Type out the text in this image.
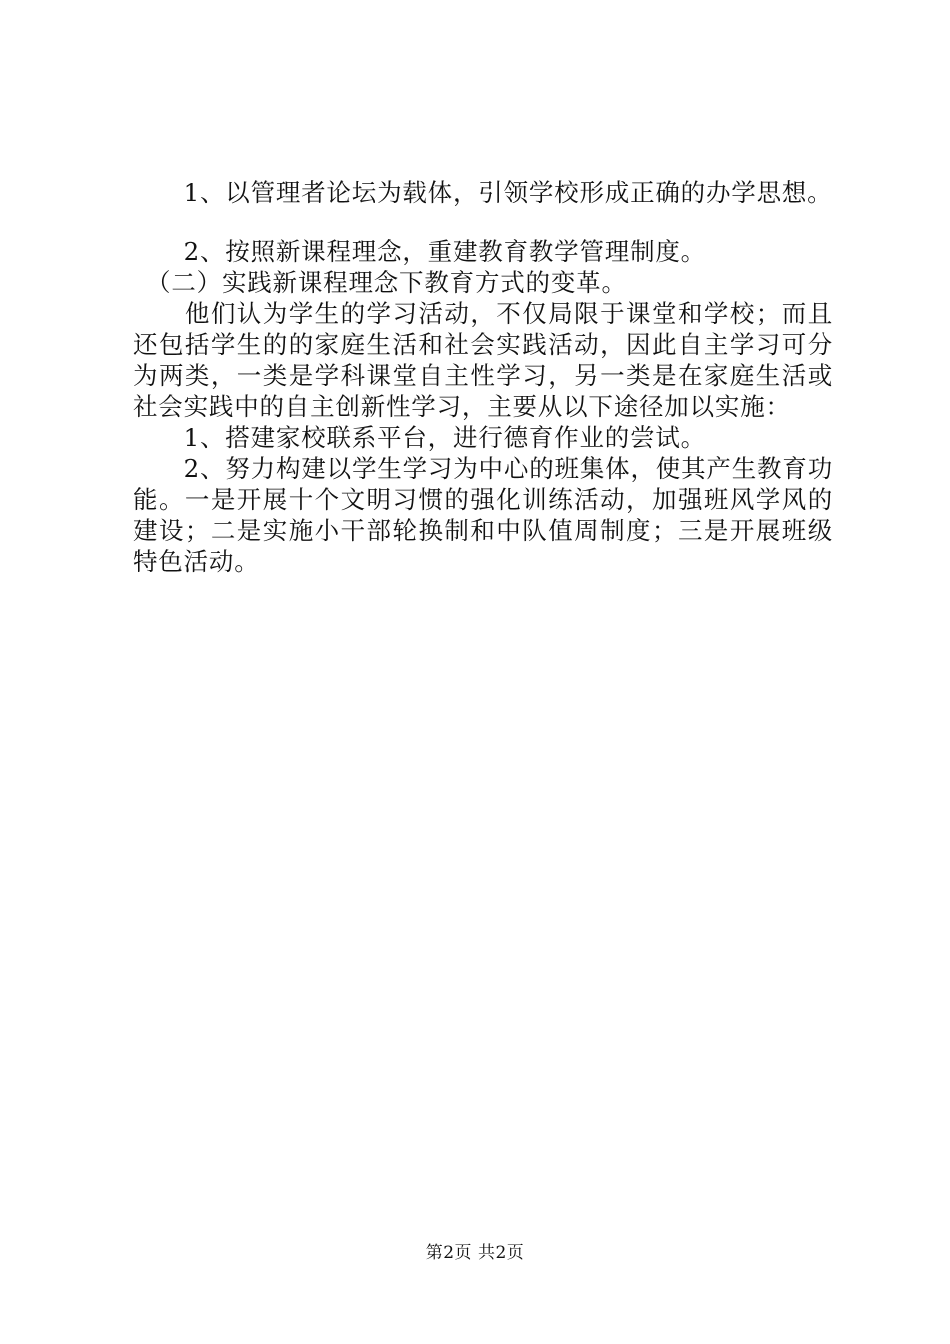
　　1、以管理者论坛为载体，引领学校形成正确的办学思想。
　　2、按照新课程理念，重建教育教学管理制度。
　（二）实践新课程理念下教育方式的变革。
　　他们认为学生的学习活动，不仅局限于课堂和学校；而且
还包括学生的的家庭生活和社会实践活动，因此自主学习可分
为两类，一类是学科课堂自主性学习，另一类是在家庭生活或
社会实践中的自主创新性学习，主要从以下途径加以实施：
　　1、搭建家校联系平台，进行德育作业的尝试。
　　2、努力构建以学生学习为中心的班集体，使其产生教育功
能。一是开展十个文明习惯的强化训练活动，加强班风学风的
建设；二是实施小干部轮换制和中队值周制度；三是开展班级
特色活动。
第2页 共2页
